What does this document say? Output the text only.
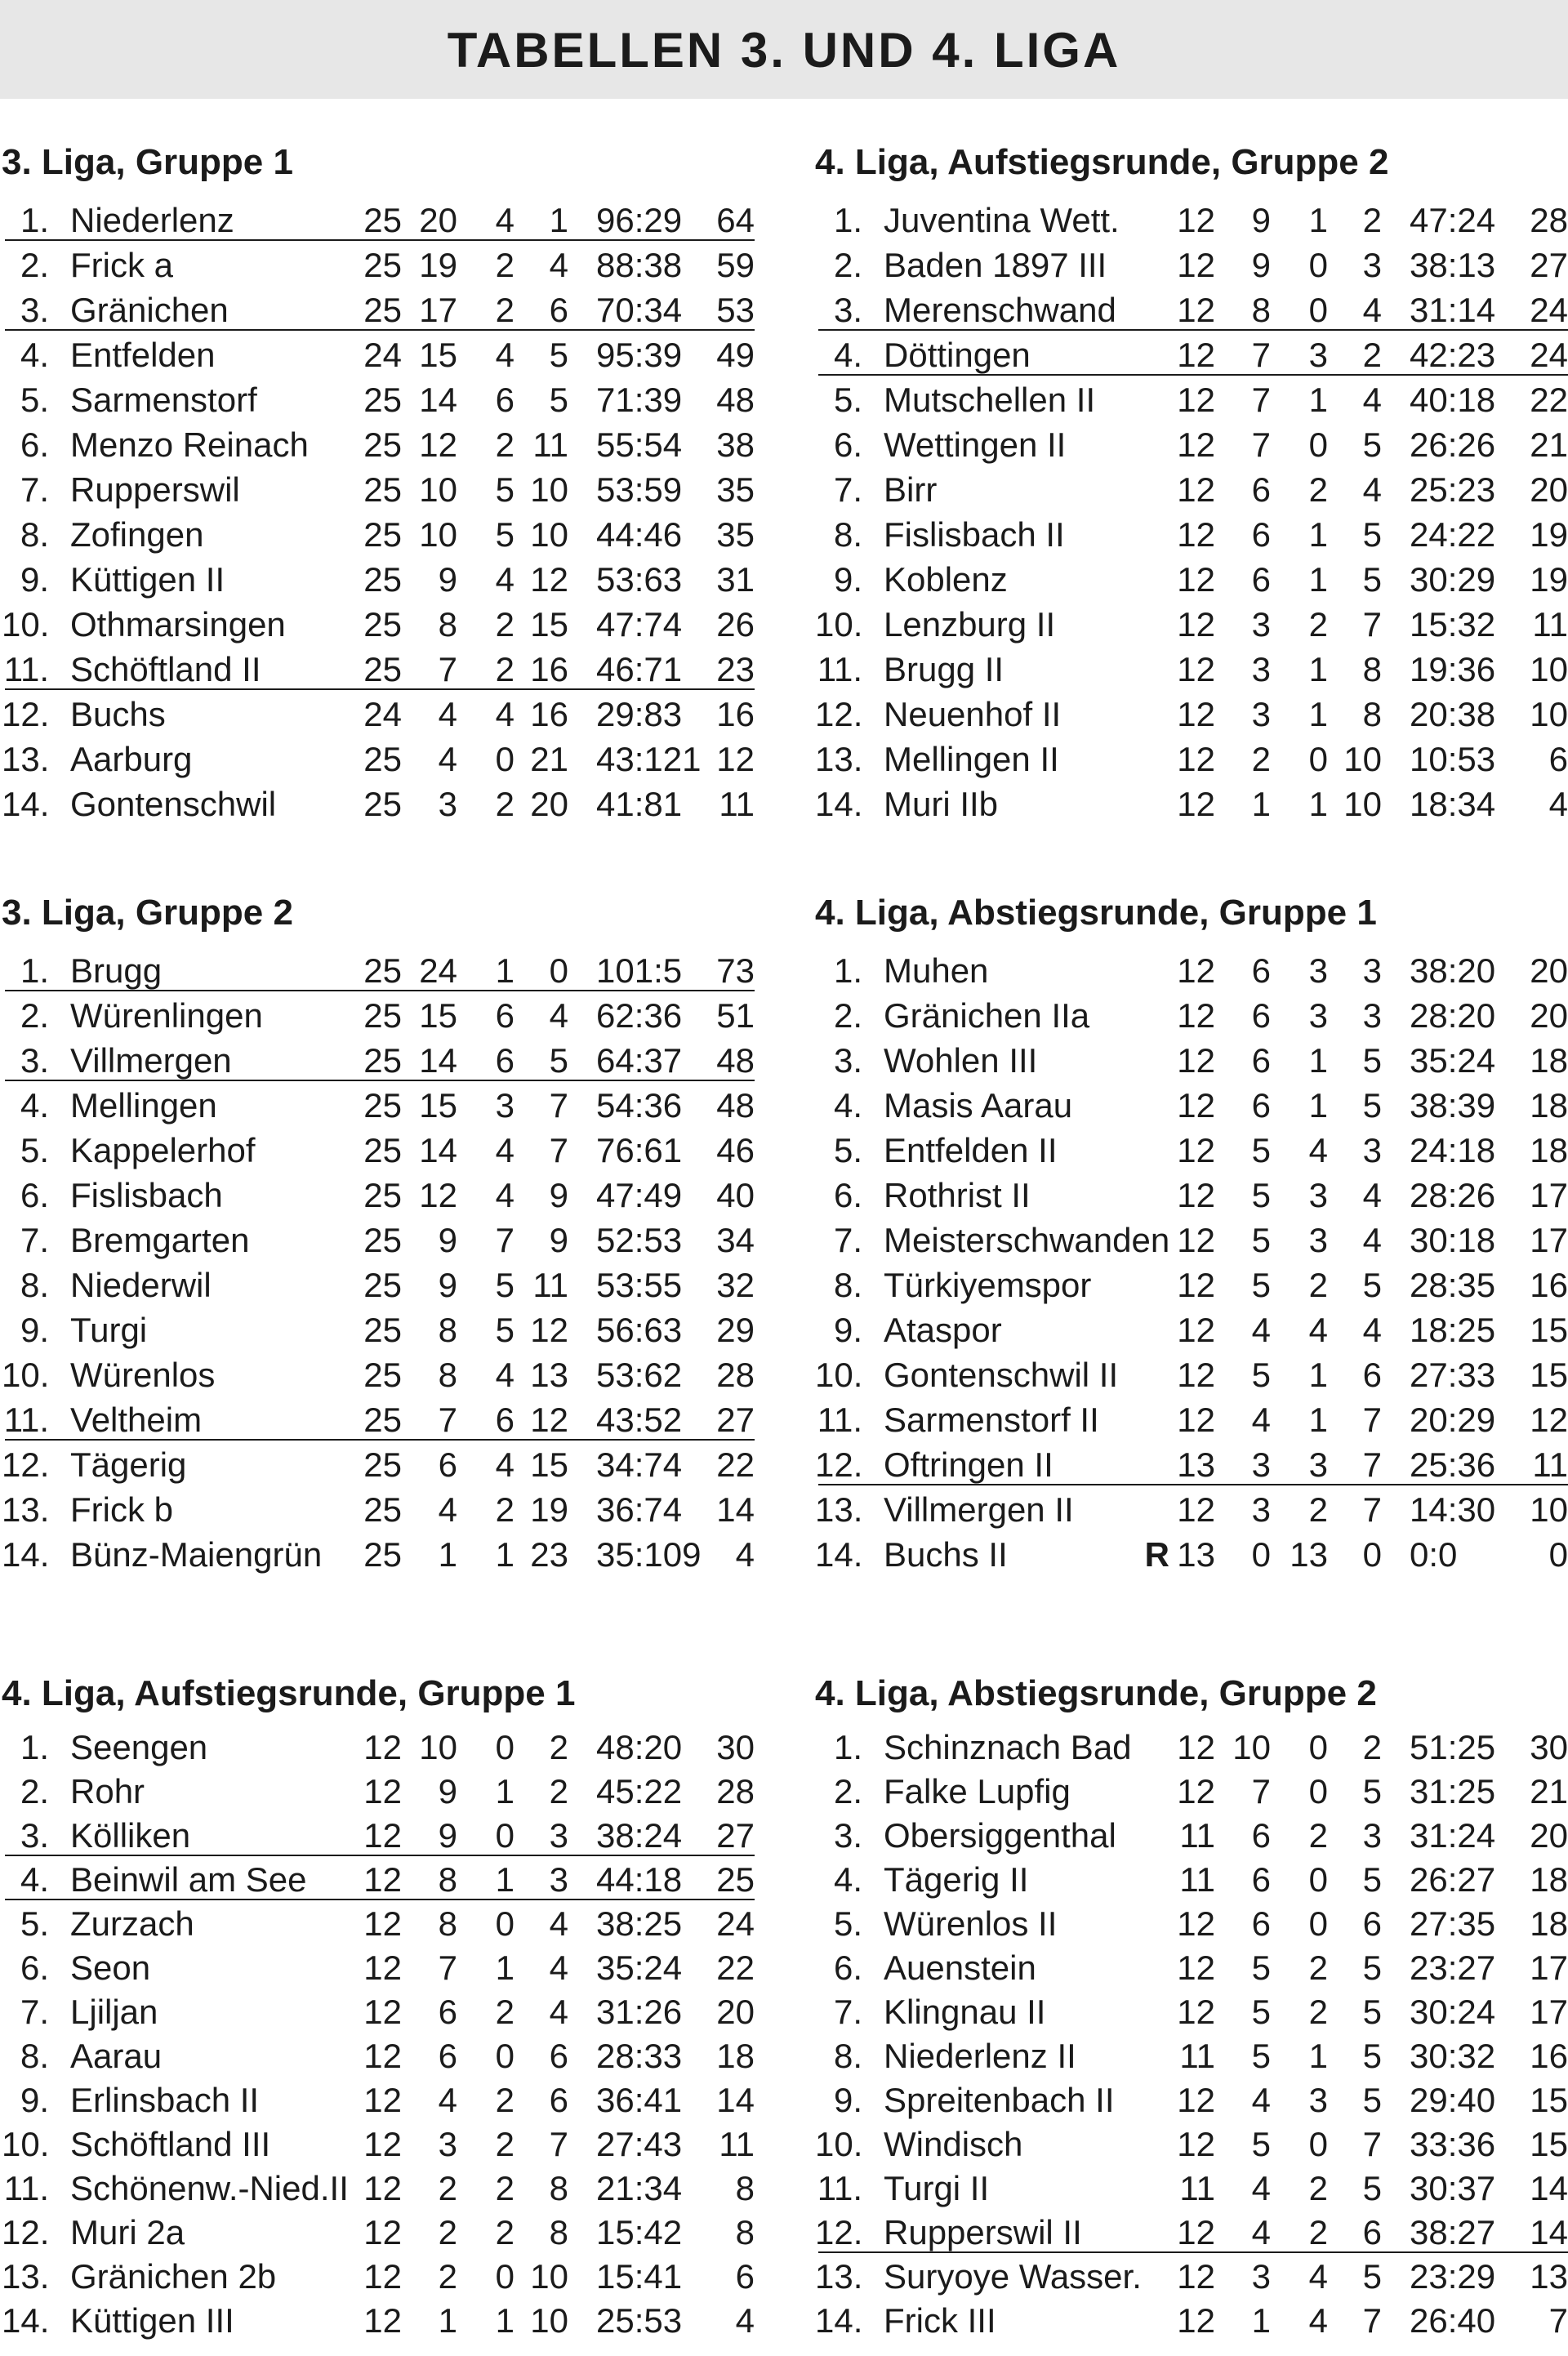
TABELLEN 3. UND 4. LIGA
3. Liga, Gruppe 1
1. Niederlenz	25 20 4 1 96:29 64
2. Frick a	25 19 2 4 88:38 59
3. Gränichen	25 17 2 6 70:34 53
4. Entfelden	24 15 4 5 95:39 49
5. Sarmenstorf	25 14 6 5 71:39 48
6. Menzo Reinach 25 12 2 11 55:54 38
7. Rupperswil	25 10 5 10 53:59 35
8. Zofingen	25 10 5 10 44:46 35
9. Küttigen II	25 9 4 12 53:63 31
10. Othmarsingen 25 8 2 15 47:74 26
11. Schöftland II	25 7 2 16 46:71 23
12. Buchs	24 4 4 16 29:83 16
13. Aarburg	25 4 0 21 43:121 12
14. Gontenschwil	25 3 2 20 41:81 11
3. Liga, Gruppe 2
1. Brugg	25 24 1 0 101:5 73
2. Würenlingen	25 15 6 4 62:36 51
3. Villmergen	25 14 6 5 64:37 48
4. Mellingen	25 15 3 7 54:36 48
5. Kappelerhof	25 14 4 7 76:61 46
6. Fislisbach	25 12 4 9 47:49 40
7. Bremgarten	25 9 7 9 52:53 34
8. Niederwil	25 9 5 11 53:55 32
9. Turgi	25 8 5 12 56:63 29
10. Würenlos	25 8 4 13 53:62 28
11. Veltheim	25 7 6 12 43:52 27
12. Tägerig	25 6 4 15 34:74 22
13. Frick b	25 4 2 19 36:74 14
14. Bünz-Maiengrün 25 1 1 23 35:109 4
4. Liga, Aufstiegsrunde, Gruppe 1
1. Seengen	12 10 0 2 48:20 30
2. Rohr	12 9 1 2 45:22 28
3. Kölliken	12 9 0 3 38:24 27
4. Beinwil am See 12 8 1 3 44:18 25
5. Zurzach	12 8 0 4 38:25 24
6. Seon	12 7 1 4 35:24 22
7. Ljiljan	12 6 2 4 31:26 20
8. Aarau	12 6 0 6 28:33 18
9. Erlinsbach II	12 4 2 6 36:41 14
10. Schöftland III	12 3 2 7 27:43 11
11. Schönenw.-Nied.II 12 2 2 8 21:34 8
12. Muri 2a	12 2 2 8 15:42 8
13. Gränichen 2b	12 2 0 10 15:41 6
14. Küttigen III	12 1 1 10 25:53 4
4. Liga, Aufstiegsrunde, Gruppe 2
1. Juventina Wett. 12 9 1 2 47:24 28
2. Baden 1897 III 12 9 0 3 38:13 27
3. Merenschwand 12 8 0 4 31:14 24
4. Döttingen	12 7 3 2 42:23 24
5. Mutschellen II 12 7 1 4 40:18 22
6. Wettingen II	12 7 0 5 26:26 21
7. Birr	12 6 2 4 25:23 20
8. Fislisbach II	12 6 1 5 24:22 19
9. Koblenz	12 6 1 5 30:29 19
10. Lenzburg II	12 3 2 7 15:32 11
11. Brugg II	12 3 1 8 19:36 10
12. Neuenhof II	12 3 1 8 20:38 10
13. Mellingen II	12 2 0 10 10:53 6
14. Muri IIb	12 1 1 10 18:34 4
4. Liga, Abstiegsrunde, Gruppe 1
1. Muhen	12 6 3 3 38:20 20
2. Gränichen IIa	12 6 3 3 28:20 20
3. Wohlen III	12 6 1 5 35:24 18
4. Masis Aarau	12 6 1 5 38:39 18
5. Entfelden II	12 5 4 3 24:18 18
6. Rothrist II	12 5 3 4 28:26 17
7. Meisterschwanden 12 5 3 4 30:18 17
8. Türkiyemspor 12 5 2 5 28:35 16
9. Ataspor	12 4 4 4 18:25 15
10. Gontenschwil II 12 5 1 6 27:33 15
11. Sarmenstorf II 12 4 1 7 20:29 12
12. Oftringen II	13 3 3 7 25:36 11
13. Villmergen II	12 3 2 7 14:30 10
14. Buchs II	R 13 0 13 0 0:0	0
4. Liga, Abstiegsrunde, Gruppe 2
1. Schinznach Bad 12 10 0 2 51:25 30
2. Falke Lupfig	12 7 0 5 31:25 21
3. Obersiggenthal 11 6 2 3 31:24 20
4. Tägerig II	11 6 0 5 26:27 18
5. Würenlos II	12 6 0 6 27:35 18
6. Auenstein	12 5 2 5 23:27 17
7. Klingnau II	12 5 2 5 30:24 17
8. Niederlenz II	11 5 1 5 30:32 16
9. Spreitenbach II 12 4 3 5 29:40 15
10. Windisch	12 5 0 7 33:36 15
11. Turgi II	11 4 2 5 30:37 14
12. Rupperswil II	12 4 2 6 38:27 14
13. Suryoye Wasser. 12 3 4 5 23:29 13
14. Frick III	12 1 4 7 26:40 7
